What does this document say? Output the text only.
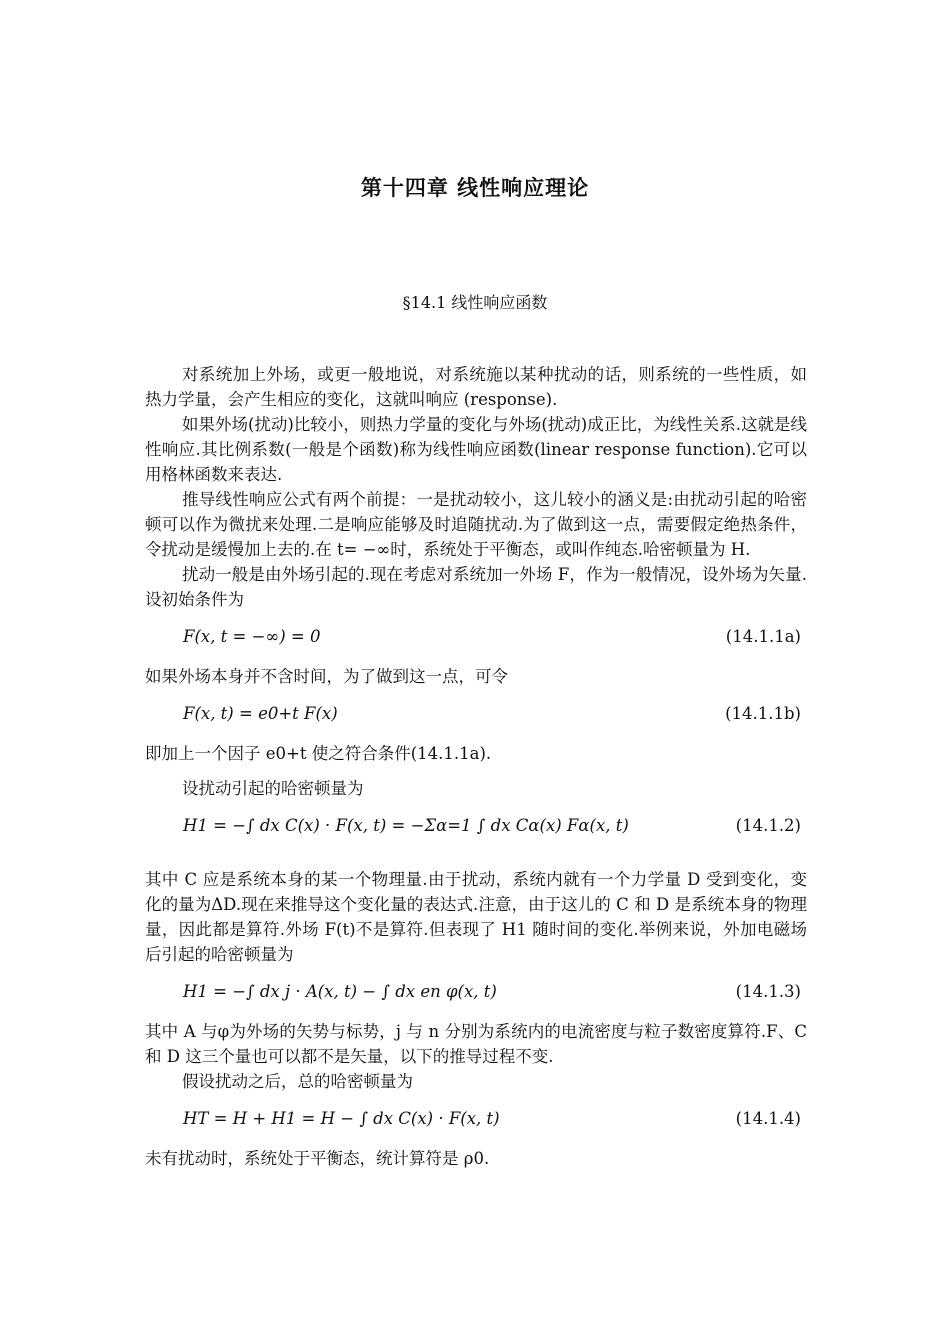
第十四章 线性响应理论
§14.1 线性响应函数

对系统加上外场，或更一般地说，对系统施以某种扰动的话，则系统的一些性质，如热力学量，会产生相应的变化，这就叫响应 (response).

如果外场(扰动)比较小，则热力学量的变化与外场(扰动)成正比，为线性关系.这就是线性响应.其比例系数(一般是个函数)称为线性响应函数(linear response function).它可以用格林函数来表达.

推导线性响应公式有两个前提：一是扰动较小，这儿较小的涵义是:由扰动引起的哈密顿可以作为微扰来处理.二是响应能够及时追随扰动.为了做到这一点，需要假定绝热条件，令扰动是缓慢加上去的.在 t= −∞时，系统处于平衡态，或叫作纯态.哈密顿量为 H.

扰动一般是由外场引起的.现在考虑对系统加一外场 F，作为一般情况，设外场为矢量.设初始条件为

F(x, t = −∞) = 0	(14.1.1a)

如果外场本身并不含时间，为了做到这一点，可令

F(x, t) = e0+t F(x)	(14.1.1b)

即加上一个因子 e0+t 使之符合条件(14.1.1a).

设扰动引起的哈密顿量为

H1 = −∫ dx C(x) · F(x, t) = −Σα=1 ∫ dx Cα(x) Fα(x, t)	(14.1.2)

其中 C 应是系统本身的某一个物理量.由于扰动，系统内就有一个力学量 D 受到变化，变化的量为ΔD.现在来推导这个变化量的表达式.注意，由于这儿的 C 和 D 是系统本身的物理量，因此都是算符.外场 F(t)不是算符.但表现了 H1 随时间的变化.举例来说，外加电磁场后引起的哈密顿量为

H1 = −∫ dx j · A(x, t) − ∫ dx en φ(x, t)	(14.1.3)

其中 A 与φ为外场的矢势与标势，j 与 n 分别为系统内的电流密度与粒子数密度算符.F、C 和 D 这三个量也可以都不是矢量，以下的推导过程不变.

假设扰动之后，总的哈密顿量为

HT = H + H1 = H − ∫ dx C(x) · F(x, t)	(14.1.4)

未有扰动时，系统处于平衡态，统计算符是 ρ0.
